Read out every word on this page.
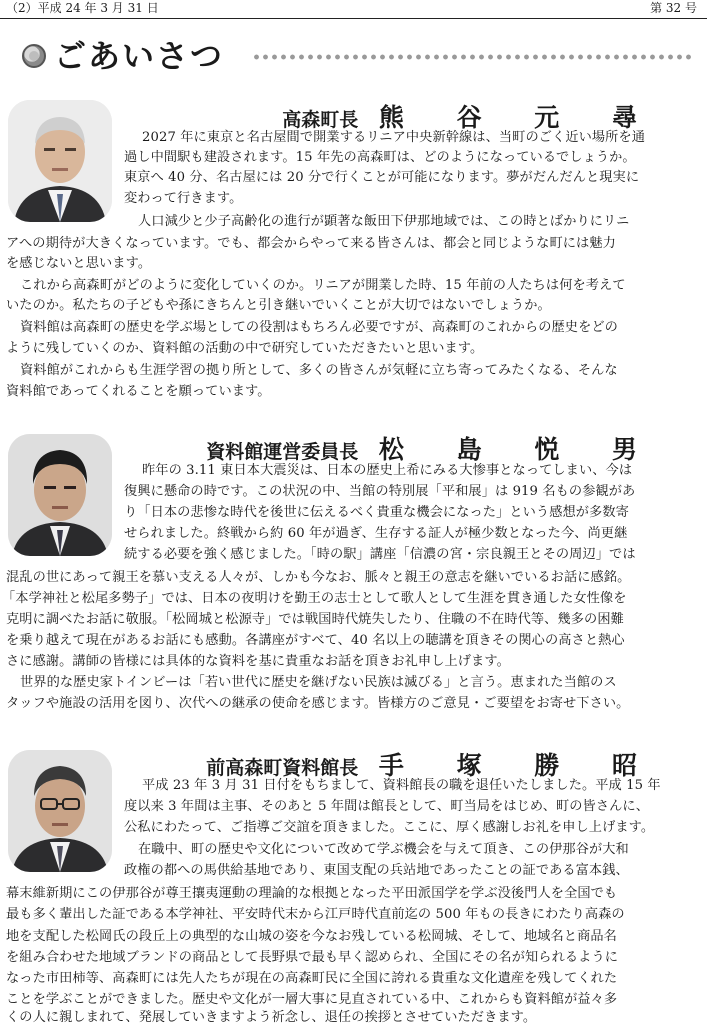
（2）平成 24 年 3 月 31 日	第 32 号
ごあいさつ
高森町長 熊 谷 元 尋
2027 年に東京と名古屋間で開業するリニア中央新幹線は、当町のごく近い場所を通
過し中間駅も建設されます。15 年先の高森町は、どのようになっているでしょうか。
東京へ 40 分、名古屋には 20 分で行くことが可能になります。夢がだんだんと現実に
変わって行きます。
人口減少と少子高齢化の進行が顕著な飯田下伊那地域では、この時とばかりにリニ
アへの期待が大きくなっています。でも、都会からやって来る皆さんは、都会と同じような町には魅力
を感じないと思います。
これから高森町がどのように変化していくのか。リニアが開業した時、15 年前の人たちは何を考えて
いたのか。私たちの子どもや孫にきちんと引き継いでいくことが大切ではないでしょうか。
資料館は高森町の歴史を学ぶ場としての役割はもちろん必要ですが、高森町のこれからの歴史をどの
ように残していくのか、資料館の活動の中で研究していただきたいと思います。
資料館がこれからも生涯学習の拠り所として、多くの皆さんが気軽に立ち寄ってみたくなる、そんな
資料館であってくれることを願っています。
資料館運営委員長 松 島 悦 男
昨年の 3.11 東日本大震災は、日本の歴史上希にみる大惨事となってしまい、今は
復興に懸命の時です。この状況の中、当館の特別展「平和展」は 919 名もの参観があ
り「日本の悲惨な時代を後世に伝えるべく貴重な機会になった」という感想が多数寄
せられました。終戦から約 60 年が過ぎ、生存する証人が極少数となった今、尚更継
続する必要を強く感じました。「時の駅」講座「信濃の宮・宗良親王とその周辺」では
混乱の世にあって親王を慕い支える人々が、しかも今なお、脈々と親王の意志を継いでいるお話に感銘。
「本学神社と松尾多勢子」では、日本の夜明けを勤王の志士として歌人として生涯を貫き通した女性像を
克明に調べたお話に敬服。「松岡城と松源寺」では戦国時代焼失したり、住職の不在時代等、幾多の困難
を乗り越えて現在があるお話にも感動。各講座がすべて、40 名以上の聴講を頂きその関心の高さと熱心
さに感謝。講師の皆様には具体的な資料を基に貴重なお話を頂きお礼申し上げます。
世界的な歴史家トインビーは「若い世代に歴史を継げない民族は滅びる」と言う。恵まれた当館のス
タッフや施設の活用を図り、次代への継承の使命を感じます。皆様方のご意見・ご要望をお寄せ下さい。
前高森町資料館長 手 塚 勝 昭
平成 23 年 3 月 31 日付をもちまして、資料館長の職を退任いたしました。平成 15 年
度以来 3 年間は主事、そのあと 5 年間は館長として、町当局をはじめ、町の皆さんに、
公私にわたって、ご指導ご交誼を頂きました。ここに、厚く感謝しお礼を申し上げます。
在職中、町の歴史や文化について改めて学ぶ機会を与えて頂き、この伊那谷が大和
政権の都への馬供給基地であり、東国支配の兵站地であったことの証である富本銭、
幕末維新期にこの伊那谷が尊王攘夷運動の理論的な根拠となった平田派国学を学ぶ没後門人を全国でも
最も多く輩出した証である本学神社、平安時代末から江戸時代直前迄の 500 年もの長きにわたり高森の
地を支配した松岡氏の段丘上の典型的な山城の姿を今なお残している松岡城、そして、地域名と商品名
を組み合わせた地域ブランドの商品として長野県で最も早く認められ、全国にその名が知られるように
なった市田柿等、高森町には先人たちが現在の高森町民に全国に誇れる貴重な文化遺産を残してくれた
ことを学ぶことができました。歴史や文化が一層大事に見直されている中、これからも資料館が益々多
くの人に親しまれて、発展していきますよう祈念し、退任の挨拶とさせていただきます。
